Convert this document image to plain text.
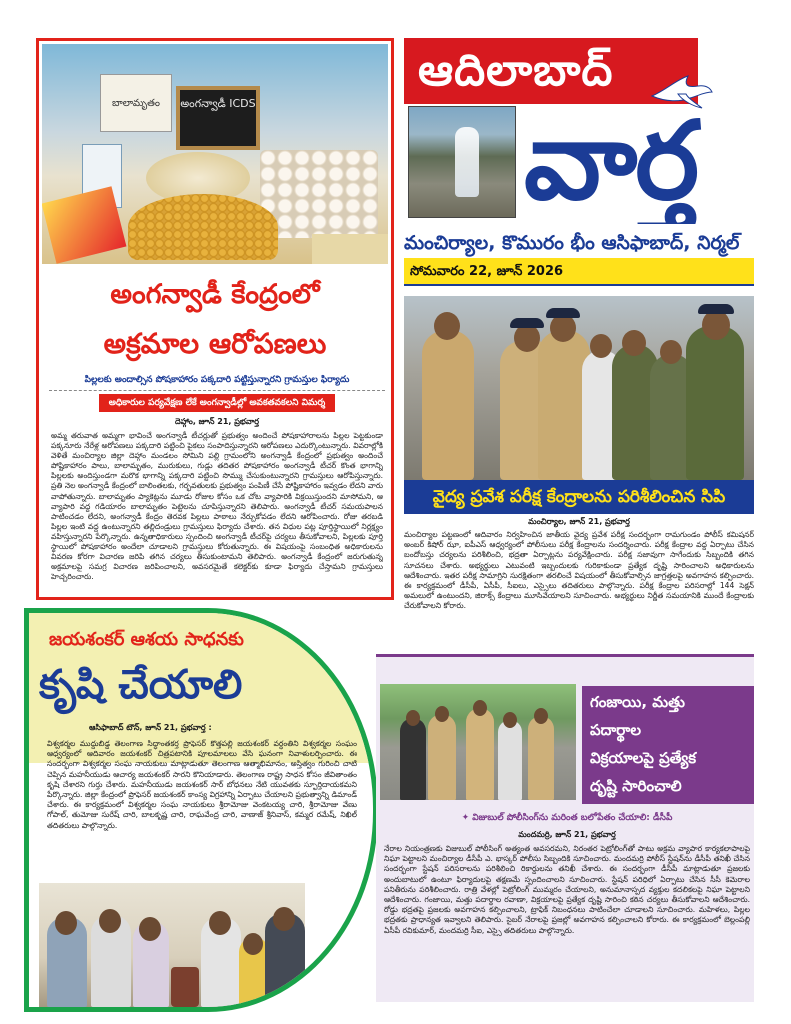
ఆదిలాబాద్
వార్త
మంచిర్యాల, కొమురం భీం ఆసిఫాబాద్, నిర్మల్
సోమవారం 22, జూన్ 2026
బాలామృతం	అంగన్వాడీ ICDS
అంగన్వాడీ కేంద్రంలో
అక్రమాల ఆరోపణలు
పిల్లలకు అందాల్సిన పోషకాహారం పక్కదారి పట్టిస్తున్నారని గ్రామస్తుల ఫిర్యాదు
అధికారుల పర్యవేక్షణ లేకే అంగన్వాడీల్లో అవకతవకలని విమర్శ
దెహ్గాం, జూన్ 21, ప్రభవార్త
అమ్మ తరువాత అమ్మగా భావించే అంగన్వాడీ టీచర్లుతో ప్రభుత్వం అందించే పోషకాహారాలను పిల్లల పెట్టకుండా పక్కనూరు నేరేళ్ల అరోపణలు పక్కదారి పట్టించి పైకలు సంపాదిస్తున్నారని ఆరోపణలు ఎదుర్కొంటున్నారు. వివరాల్లోకి వెళితే మంచిర్యాల జిల్లా దెహ్గాం మండలం సోమిని పల్లి గ్రామంలోని అంగన్వాడీ కేంద్రంలో ప్రభుత్వం అందించే పోష్టికాహారం పాలు, బాలామృతం, మురుకులు, గుడ్లు తదితర పోషకాహారం అంగన్వాడీ టీచర్ కొంత భాగాన్ని పిల్లలకు అందిస్తుండగా మరొక భాగాన్ని పక్కదారి పట్టించి సొమ్ము చేసుకుంటున్నారని గ్రామస్తులు ఆరోపిస్తున్నారు. ప్రతి నెల అంగన్వాడీ కేంద్రంలో బాలింతలకు, గర్భవతులకు ప్రభుత్వం పంపిణీ చేసే పోష్టికాహారం ఇవ్వడం లేదని వారు వాపోతున్నారు. బాలామృతం ప్యాకెట్లను మూడు రోజుల కోసం ఒక చోట వ్యాపారికి విక్రయిస్తుందని మాసోమని, ఆ వ్యాపారి వద్ద గడియారం బాలామృతం పెట్టెలను చూపిస్తున్నారని తెలిపారు. అంగన్వాడీ టీచర్ సమయపాలన పాటించడం లేదని, అంగన్వాడీ కేంద్రం తెరవక పిల్లలు పాఠాలు నేర్చుకోవడం లేదని ఆరోపించారు. రోజు తరబడి పిల్లల ఇంటి వద్ద ఉంటున్నారని తల్లిదండ్రులు గ్రామస్తులు ఫిర్యాదు చేశారు. తన విధుల పట్ల పూర్తిస్థాయిలో నిర్లక్ష్యం వహిస్తున్నారని పేర్కొన్నారు. ఉన్నతాధికారులు స్పందించి అంగన్వాడీ టీచర్‌పై చర్యలు తీసుకోవాలని, పిల్లలకు పూర్తి స్థాయిలో పోషకాహారం అందేలా చూడాలని గ్రామస్తులు కోరుతున్నారు. ఈ విషయంపై సంబంధిత అధికారులను వివరణ కోరగా విచారణ జరిపి తగిన చర్యలు తీసుకుంటామని తెలిపారు. అంగన్వాడీ కేంద్రంలో జరుగుతున్న అక్రమాలపై సమగ్ర విచారణ జరిపించాలని, అవసరమైతే కలెక్టర్‌కు కూడా ఫిర్యాదు చేస్తామని గ్రామస్తులు హెచ్చరించారు.
వైద్య ప్రవేశ పరీక్ష కేంద్రాలను పరిశీలించిన సిపి
మంచిర్యాల, జూన్ 21, ప్రభవార్త
మంచిర్యాల పట్టణంలో ఆదివారం నిర్వహించిన జాతీయ వైద్య ప్రవేశ పరీక్ష సందర్భంగా రామగుండం పోలీస్ కమిషనర్ అంబర్ కిషోర్ ఝా, ఐపీఎస్ ఆధ్వర్యంలో పోలీసులు పరీక్ష కేంద్రాలను సందర్శించారు. పరీక్ష కేంద్రాల వద్ద ఏర్పాటు చేసిన బందోబస్తు చర్యలను పరిశీలించి, భద్రతా ఏర్పాట్లను పర్యవేక్షించారు. పరీక్ష సజావుగా సాగేందుకు సిబ్బందికి తగిన సూచనలు చేశారు. అభ్యర్థులు ఎటువంటి ఇబ్బందులకు గురికాకుండా ప్రత్యేక దృష్టి సారించాలని అధికారులను ఆదేశించారు. ఇతర పరీక్ష సామాగ్రిని సురక్షితంగా తరలించే విషయంలో తీసుకోవాల్సిన జాగ్రత్తలపై అవగాహన కల్పించారు. ఈ కార్యక్రమంలో డీసీపీ, ఏసీపీ, సీఐలు, ఎస్సైలు తదితరులు పాల్గొన్నారు. పరీక్ష కేంద్రాల పరిసరాల్లో 144 సెక్షన్ అమలులో ఉంటుందని, జిరాక్స్ కేంద్రాలు మూసివేయాలని సూచించారు. అభ్యర్థులు నిర్ణీత సమయానికి ముందే కేంద్రాలకు చేరుకోవాలని కోరారు.
జయశంకర్ ఆశయ సాధనకు
కృషి చేయాలి
ఆసిఫాబాద్ టౌన్, జూన్ 21, ప్రభవార్త :
విశ్వకర్మల ముద్దుబిడ్డ తెలంగాణ సిద్ధాంతకర్త ప్రొఫెసర్ కొత్తపల్లి జయశంకర్ వర్ధంతిని విశ్వకర్మల సంఘం ఆధ్వర్యంలో ఆదివారం జయశంకర్ చిత్రపటానికి పూలమాలలు వేసి ఘనంగా నివాళులర్పించారు. ఈ సందర్భంగా విశ్వకర్మల సంఘ నాయకులు మాట్లాడుతూ తెలంగాణ ఆత్మాభిమానం, అస్తిత్వం గురించి చాటి చెప్పిన మహనీయుడు ఆచార్య జయశంకర్ సారని కొనియాడారు. తెలంగాణ రాష్ట్ర సాధన కోసం జీవితాంతం కృషి చేశారని గుర్తు చేశారు. మహనీయుడు జయశంకర్ సార్ బోధనలు నేటి యువతకు స్ఫూర్తిదాయకమని పేర్కొన్నారు. జిల్లా కేంద్రంలో ప్రొఫెసర్ జయశంకర్ కాంస్య విగ్రహాన్ని ఏర్పాటు చేయాలని ప్రభుత్వాన్ని డిమాండ్ చేశారు. ఈ కార్యక్రమంలో విశ్వకర్మల సంఘ నాయకులు శ్రీరామోజు వెంకటయ్య చారి, శ్రీరామోజు వేణు గోపాల్, తుమోజు సురేష్ చారి, బాలకృష్ణ చారి, రాఘవేంద్ర చారి, వాణాజ్ శ్రీనివాస్, కమ్మర రమేష్, నిఖిల్ తదితరులు పాల్గొన్నారు.
గంజాయి, మత్తు
పదార్థాల
విక్రయాలపై ప్రత్యేక
దృష్టి సారించాలి
✦ విజుబుల్ పోలీసింగ్‌ను మరింత బలోపేతం చేయాలి: డీసీపీ
మందమర్రి, జూన్ 21, ప్రభవార్త
నేరాల నియంత్రణకు విజుబుల్ పోలీసింగ్ అత్యంత అవసరమని, నిరంతర పెట్రోలింగ్‌తో పాటు అక్రమ వ్యాపార కార్యకలాపాలపై నిఘా పెట్టాలని మంచిర్యాల డీసీపీ ఎ. భాస్కర్ పోలీసు సిబ్బందికి సూచించారు. మందమర్రి పోలీస్ స్టేషన్‌ను డీసీపీ తనిఖీ చేసిన సందర్భంగా స్టేషన్ పరిసరాలను పరిశీలించి రికార్డులను తనిఖీ చేశారు. ఈ సందర్భంగా డీసీపీ మాట్లాడుతూ ప్రజలకు అందుబాటులో ఉంటూ ఫిర్యాదులపై తక్షణమే స్పందించాలని సూచించారు. స్టేషన్ పరిధిలో ఏర్పాటు చేసిన సీసీ కెమెరాల పనితీరును పరిశీలించారు. రాత్రి వేళల్లో పెట్రోలింగ్ ముమ్మరం చేయాలని, అనుమానాస్పద వ్యక్తుల కదలికలపై నిఘా పెట్టాలని ఆదేశించారు. గంజాయి, మత్తు పదార్థాల రవాణా, విక్రయాలపై ప్రత్యేక దృష్టి సారించి కఠిన చర్యలు తీసుకోవాలని ఆదేశించారు. రోడ్డు భద్రతపై ప్రజలకు అవగాహన కల్పించాలని, ట్రాఫిక్ నిబంధనలు పాటించేలా చూడాలని సూచించారు. మహిళలు, పిల్లల భద్రతకు ప్రాధాన్యత ఇవ్వాలని తెలిపారు. సైబర్ నేరాలపై ప్రజల్లో అవగాహన కల్పించాలని కోరారు. ఈ కార్యక్రమంలో బెల్లంపల్లి ఏసీపీ రవికుమార్, మందమర్రి సీఐ, ఎస్సై తదితరులు పాల్గొన్నారు.
